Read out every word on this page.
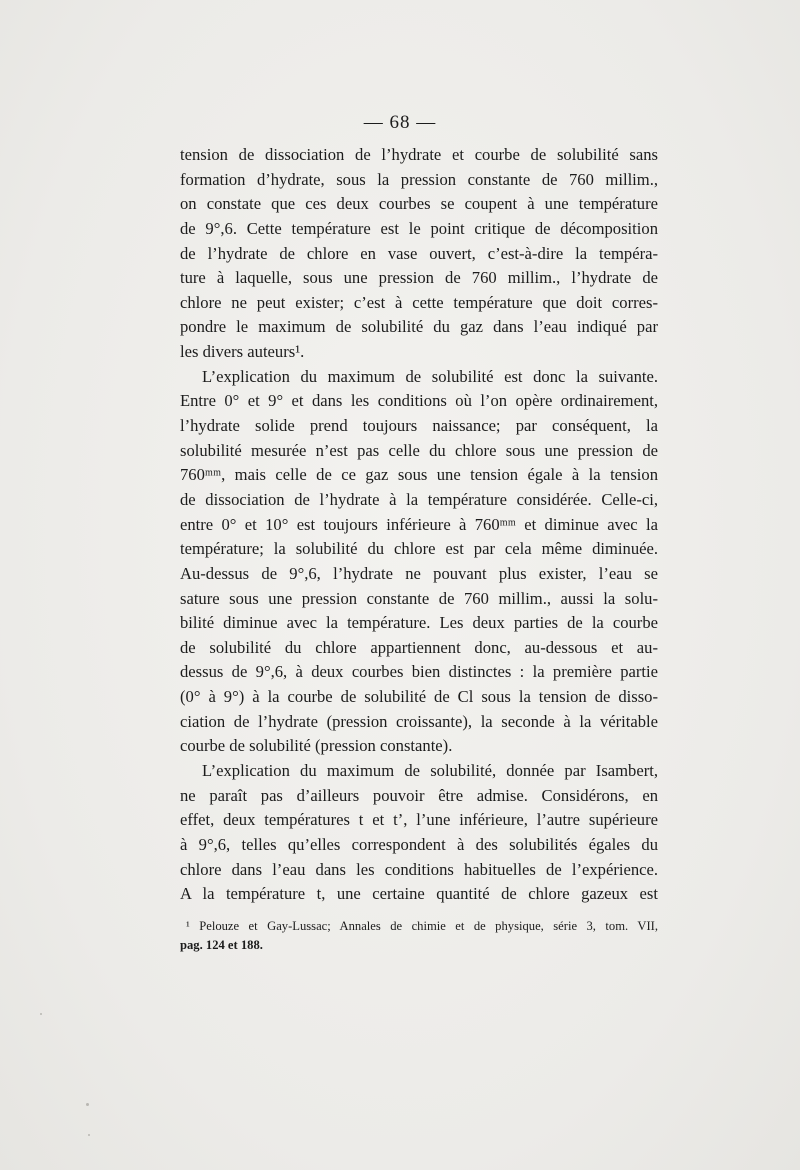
— 68 —
tension de dissociation de l’hydrate et courbe de solubilité sans
formation d’hydrate, sous la pression constante de 760 millim.,
on constate que ces deux courbes se coupent à une température
de 9°,6. Cette température est le point critique de décomposition
de l’hydrate de chlore en vase ouvert, c’est-à-dire la tempéra-
ture à laquelle, sous une pression de 760 millim., l’hydrate de
chlore ne peut exister; c’est à cette température que doit corres-
pondre le maximum de solubilité du gaz dans l’eau indiqué par
les divers auteurs¹.
L’explication du maximum de solubilité est donc la suivante.
Entre 0° et 9° et dans les conditions où l’on opère ordinairement,
l’hydrate solide prend toujours naissance; par conséquent, la
solubilité mesurée n’est pas celle du chlore sous une pression de
760ᵐᵐ, mais celle de ce gaz sous une tension égale à la tension
de dissociation de l’hydrate à la température considérée. Celle-ci,
entre 0° et 10° est toujours inférieure à 760ᵐᵐ et diminue avec la
température; la solubilité du chlore est par cela même diminuée.
Au-dessus de 9°,6, l’hydrate ne pouvant plus exister, l’eau se
sature sous une pression constante de 760 millim., aussi la solu-
bilité diminue avec la température. Les deux parties de la courbe
de solubilité du chlore appartiennent donc, au-dessous et au-
dessus de 9°,6, à deux courbes bien distinctes : la première partie
(0° à 9°) à la courbe de solubilité de Cl sous la tension de disso-
ciation de l’hydrate (pression croissante), la seconde à la véritable
courbe de solubilité (pression constante).
L’explication du maximum de solubilité, donnée par Isambert,
ne paraît pas d’ailleurs pouvoir être admise. Considérons, en
effet, deux températures t et t’, l’une inférieure, l’autre supérieure
à 9°,6, telles qu’elles correspondent à des solubilités égales du
chlore dans l’eau dans les conditions habituelles de l’expérience.
A la température t, une certaine quantité de chlore gazeux est
¹ Pelouze et Gay-Lussac; Annales de chimie et de physique, série 3, tom. VII,
pag. 124 et 188.
